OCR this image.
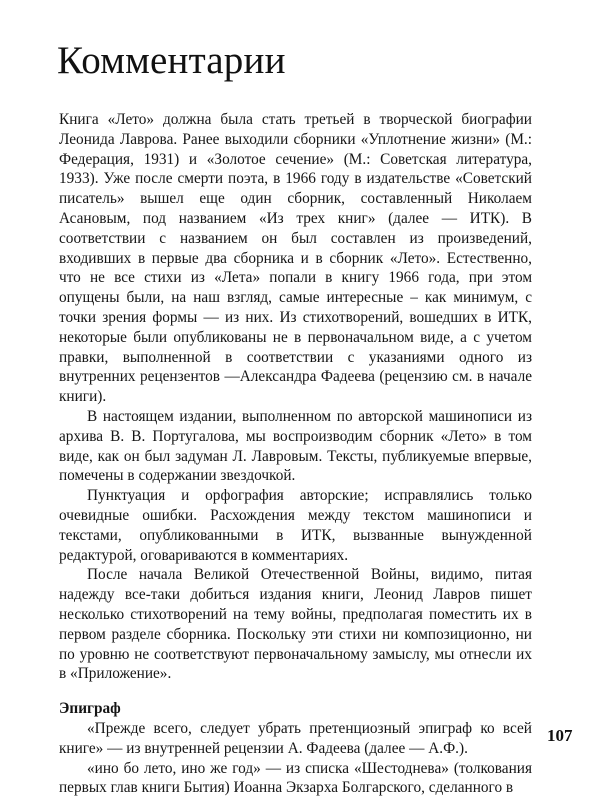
Комментарии

Книга «Лето» должна была стать третьей в творческой биографии Леонида Лаврова. Ранее выходили сборники «Уплотнение жизни» (М.: Федерация, 1931) и «Золотое сечение» (М.: Советская литература, 1933). Уже после смерти поэта, в 1966 году в издательстве «Советский писатель» вышел еще один сборник, составленный Николаем Асановым, под названием «Из трех книг» (далее — ИТК). В соответствии с названием он был составлен из произведений, входивших в первые два сборника и в сборник «Лето». Естественно, что не все стихи из «Лета» попали в книгу 1966 года, при этом опущены были, на наш взгляд, самые интересные – как минимум, с точки зрения формы — из них. Из стихотворений, вошедших в ИТК, некоторые были опубликованы не в первоначальном виде, а с учетом правки, выполненной в соответствии с указаниями одного из внутренних рецензентов —Александра Фадеева (рецензию см. в начале книги).

В настоящем издании, выполненном по авторской машинописи из архива В. В. Португалова, мы воспроизводим сборник «Лето» в том виде, как он был задуман Л. Лавровым. Тексты, публикуемые впервые, помечены в содержании звездочкой.

Пунктуация и орфография авторские; исправлялись только очевидные ошибки. Расхождения между текстом машинописи и текстами, опубликованными в ИТК, вызванные вынужденной редактурой, оговариваются в комментариях.

После начала Великой Отечественной Войны, видимо, питая надежду все-таки добиться издания книги, Леонид Лавров пишет несколько стихотворений на тему войны, предполагая поместить их в первом разделе сборника. Поскольку эти стихи ни композиционно, ни по уровню не соответствуют первоначальному замыслу, мы отнесли их в «Приложение».

Эпиграф

«Прежде всего, следует убрать претенциозный эпиграф ко всей книге» — из внутренней рецензии А. Фадеева (далее — А.Ф.).

«ино бо лето, ино же год» — из списка «Шестоднева» (толкования первых глав книги Бытия) Иоанна Экзарха Болгарского, сделанного в

107
